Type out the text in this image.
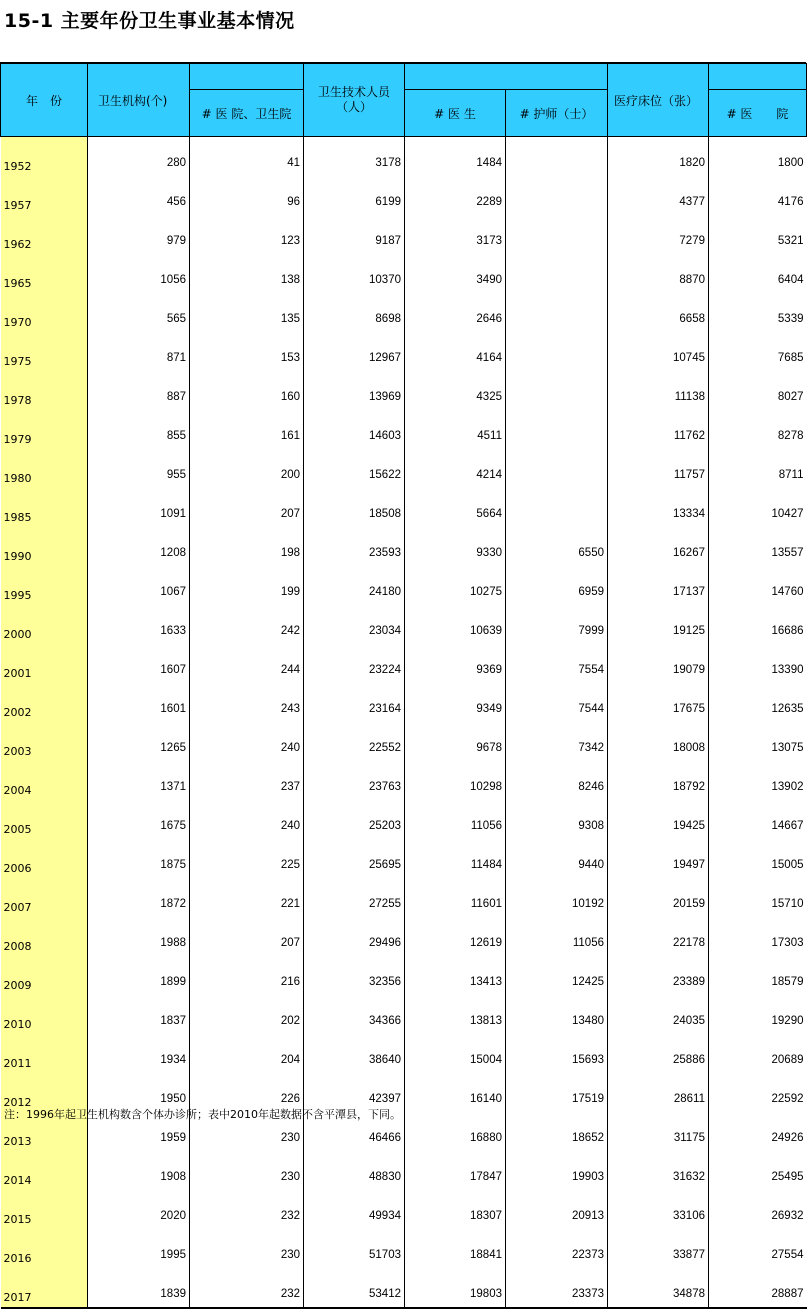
15-1 主要年份卫生事业基本情况
年　份	卫生机构(个)		卫生技术人员（人）			医疗床位（张）	
		# 医 院、卫生院		# 医 生	# 护师（士）		# 医　　院
1952	280	41	3178	1484		1820	1800
1957	456	96	6199	2289		4377	4176
1962	979	123	9187	3173		7279	5321
1965	1056	138	10370	3490		8870	6404
1970	565	135	8698	2646		6658	5339
1975	871	153	12967	4164		10745	7685
1978	887	160	13969	4325		11138	8027
1979	855	161	14603	4511		11762	8278
1980	955	200	15622	4214		11757	8711
1985	1091	207	18508	5664		13334	10427
1990	1208	198	23593	9330	6550	16267	13557
1995	1067	199	24180	10275	6959	17137	14760
2000	1633	242	23034	10639	7999	19125	16686
2001	1607	244	23224	9369	7554	19079	13390
2002	1601	243	23164	9349	7544	17675	12635
2003	1265	240	22552	9678	7342	18008	13075
2004	1371	237	23763	10298	8246	18792	13902
2005	1675	240	25203	11056	9308	19425	14667
2006	1875	225	25695	11484	9440	19497	15005
2007	1872	221	27255	11601	10192	20159	15710
2008	1988	207	29496	12619	11056	22178	17303
2009	1899	216	32356	13413	12425	23389	18579
2010	1837	202	34366	13813	13480	24035	19290
2011	1934	204	38640	15004	15693	25886	20689
2012	1950	226	42397	16140	17519	28611	22592
2013	1959	230	46466	16880	18652	31175	24926
2014	1908	230	48830	17847	19903	31632	25495
2015	2020	232	49934	18307	20913	33106	26932
2016	1995	230	51703	18841	22373	33877	27554
2017	1839	232	53412	19803	23373	34878	28887
注：1996年起卫生机构数含个体办诊所；表中2010年起数据不含平潭县，下同。
